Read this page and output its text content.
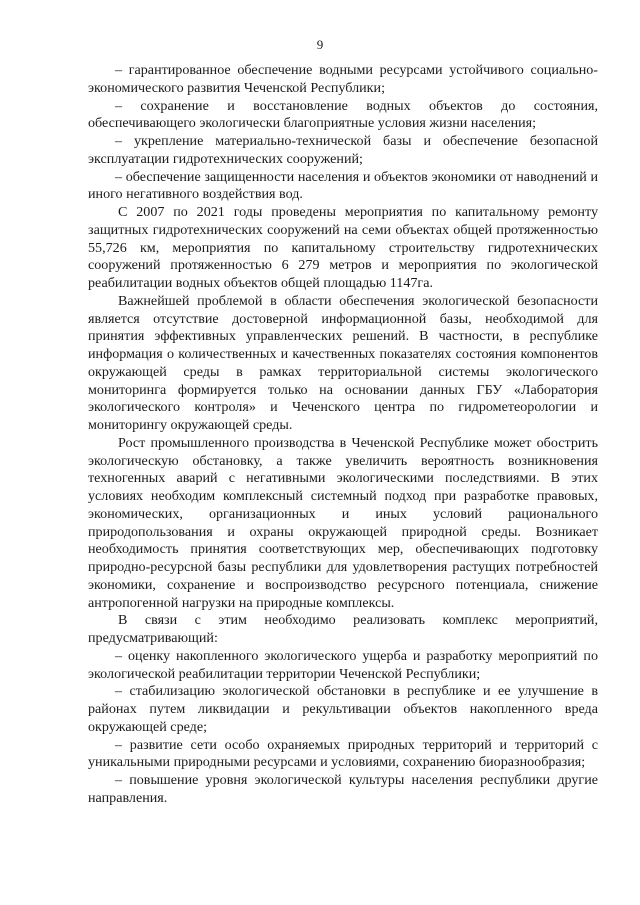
9

– гарантированное обеспечение водными ресурсами устойчивого социально-экономического развития Чеченской Республики;

– сохранение и восстановление водных объектов до состояния, обеспечивающего экологически благоприятные условия жизни населения;

– укрепление материально-технической базы и обеспечение безопасной эксплуатации гидротехнических сооружений;

– обеспечение защищенности населения и объектов экономики от наводнений и иного негативного воздействия вод.

С 2007 по 2021 годы проведены мероприятия по капитальному ремонту защитных гидротехнических сооружений на семи объектах общей протяженностью 55,726 км, мероприятия по капитальному строительству гидротехнических сооружений протяженностью 6 279 метров и мероприятия по экологической реабилитации водных объектов общей площадью 1147га.

Важнейшей проблемой в области обеспечения экологической безопасности является отсутствие достоверной информационной базы, необходимой для принятия эффективных управленческих решений. В частности, в республике информация о количественных и качественных показателях состояния компонентов окружающей среды в рамках территориальной системы экологического мониторинга формируется только на основании данных ГБУ «Лаборатория экологического контроля» и Чеченского центра по гидрометеорологии и мониторингу окружающей среды.

Рост промышленного производства в Чеченской Республике может обострить экологическую обстановку, а также увеличить вероятность возникновения техногенных аварий с негативными экологическими последствиями. В этих условиях необходим комплексный системный подход при разработке правовых, экономических, организационных и иных условий рационального природопользования и охраны окружающей природной среды. Возникает необходимость принятия соответствующих мер, обеспечивающих подготовку природно-ресурсной базы республики для удовлетворения растущих потребностей экономики, сохранение и воспроизводство ресурсного потенциала, снижение антропогенной нагрузки на природные комплексы.

В связи с этим необходимо реализовать комплекс мероприятий, предусматривающий:

– оценку накопленного экологического ущерба и разработку мероприятий по экологической реабилитации территории Чеченской Республики;

– стабилизацию экологической обстановки в республике и ее улучшение в районах путем ликвидации и рекультивации объектов накопленного вреда окружающей среде;

– развитие сети особо охраняемых природных территорий и территорий с уникальными природными ресурсами и условиями, сохранению биоразнообразия;

– повышение уровня экологической культуры населения республики другие направления.
